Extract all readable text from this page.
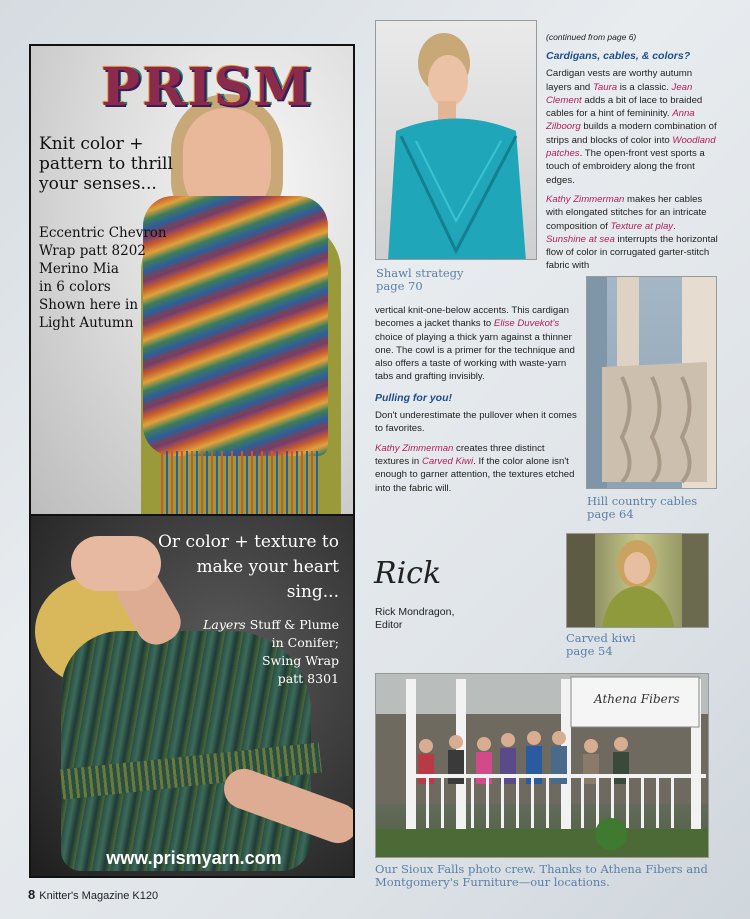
PRISM
Knit color + pattern to thrill your senses...
Eccentric Chevron
Wrap patt 8202
Merino Mia
in 6 colors
Shown here in
Light Autumn
Or color + texture to make your heart sing...
Layers Stuff & Plume
in Conifer;
Swing Wrap
patt 8301
www.prismyarn.com
Shawl strategy
page 70
Hill country cables
page 64
Carved kiwi
page 54
Athena Fibers
Our Sioux Falls photo crew. Thanks to Athena Fibers and Montgomery's Furniture—our locations.
(continued from page 6)
Cardigans, cables, & colors?

Cardigan vests are worthy autumn layers and Taura is a classic. Jean Clement adds a bit of lace to braided cables for a hint of femininity. Anna Zilboorg builds a modern combination of strips and blocks of color into Woodland patches. The open-front vest sports a touch of embroidery along the front edges.

Kathy Zimmerman makes her cables with elongated stitches for an intricate composition of Texture at play. Sunshine at sea interrupts the horizontal flow of color in corrugated garter-stitch fabric with

vertical knit-one-below accents. This cardigan becomes a jacket thanks to Elise Duvekot's choice of playing a thick yarn against a thinner one. The cowl is a primer for the technique and also offers a taste of working with waste-yarn tabs and grafting invisibly.

Pulling for you!

Don't underestimate the pullover when it comes to favorites.

Kathy Zimmerman creates three distinct textures in Carved Kiwi. If the color alone isn't enough to garner attention, the textures etched into the fabric will.

Rick
Rick Mondragon,
Editor
8 Knitter's Magazine K120
